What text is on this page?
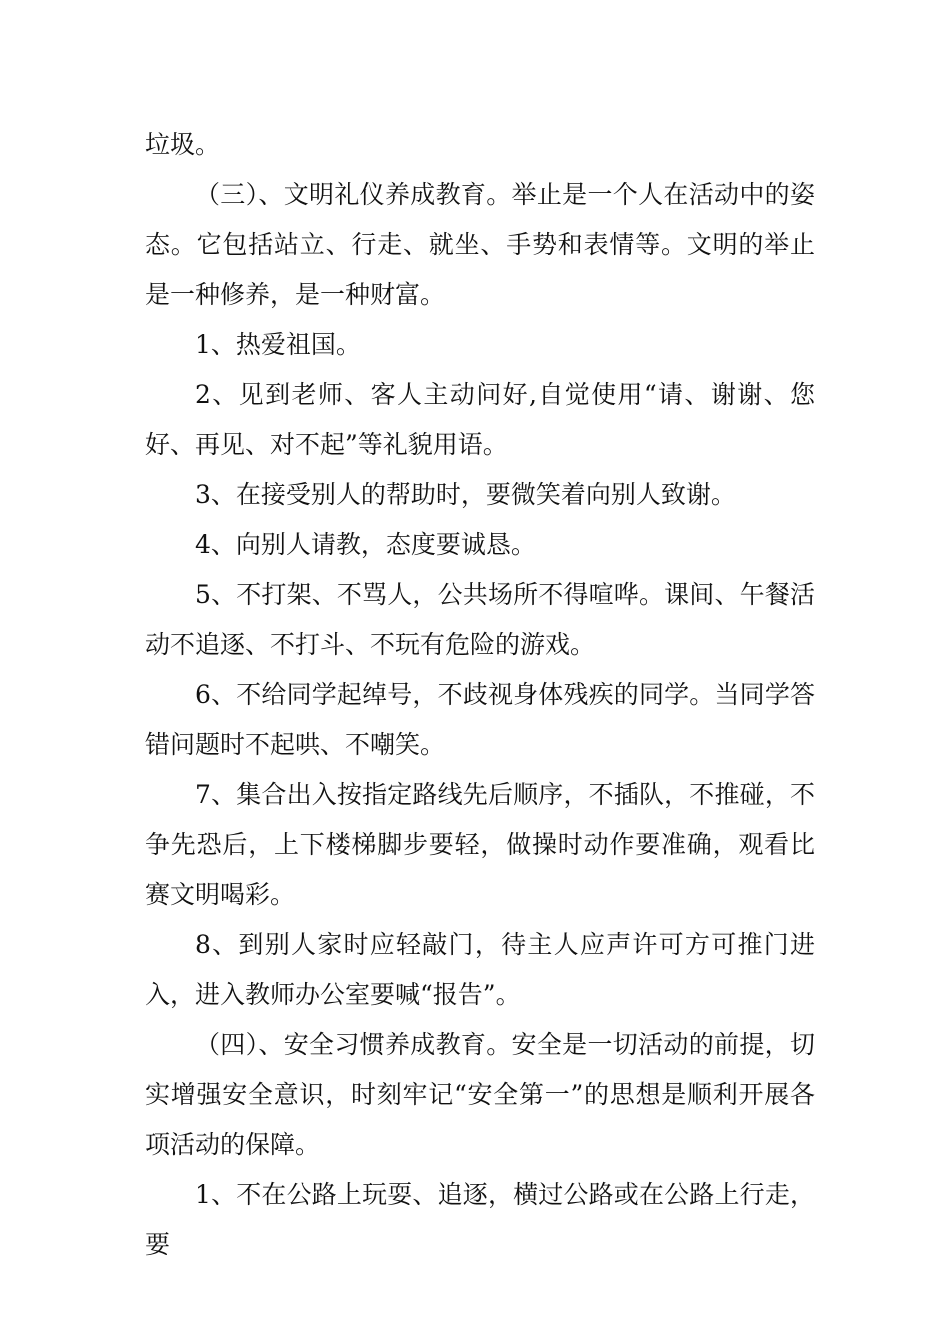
垃圾。

（三）、文明礼仪养成教育。举止是一个人在活动中的姿态。它包括站立、行走、就坐、手势和表情等。文明的举止是一种修养，是一种财富。

1、热爱祖国。

2、见到老师、客人主动问好,自觉使用“请、谢谢、您好、再见、对不起”等礼貌用语。

3、在接受别人的帮助时，要微笑着向别人致谢。

4、向别人请教，态度要诚恳。

5、不打架、不骂人，公共场所不得喧哗。课间、午餐活动不追逐、不打斗、不玩有危险的游戏。

6、不给同学起绰号，不歧视身体残疾的同学。当同学答错问题时不起哄、不嘲笑。

7、集合出入按指定路线先后顺序，不插队，不推碰，不争先恐后，上下楼梯脚步要轻，做操时动作要准确，观看比赛文明喝彩。

8、到别人家时应轻敲门，待主人应声许可方可推门进入，进入教师办公室要喊“报告”。

（四）、安全习惯养成教育。安全是一切活动的前提，切实增强安全意识，时刻牢记“安全第一”的思想是顺利开展各项活动的保障。

1、不在公路上玩耍、追逐，横过公路或在公路上行走，要
